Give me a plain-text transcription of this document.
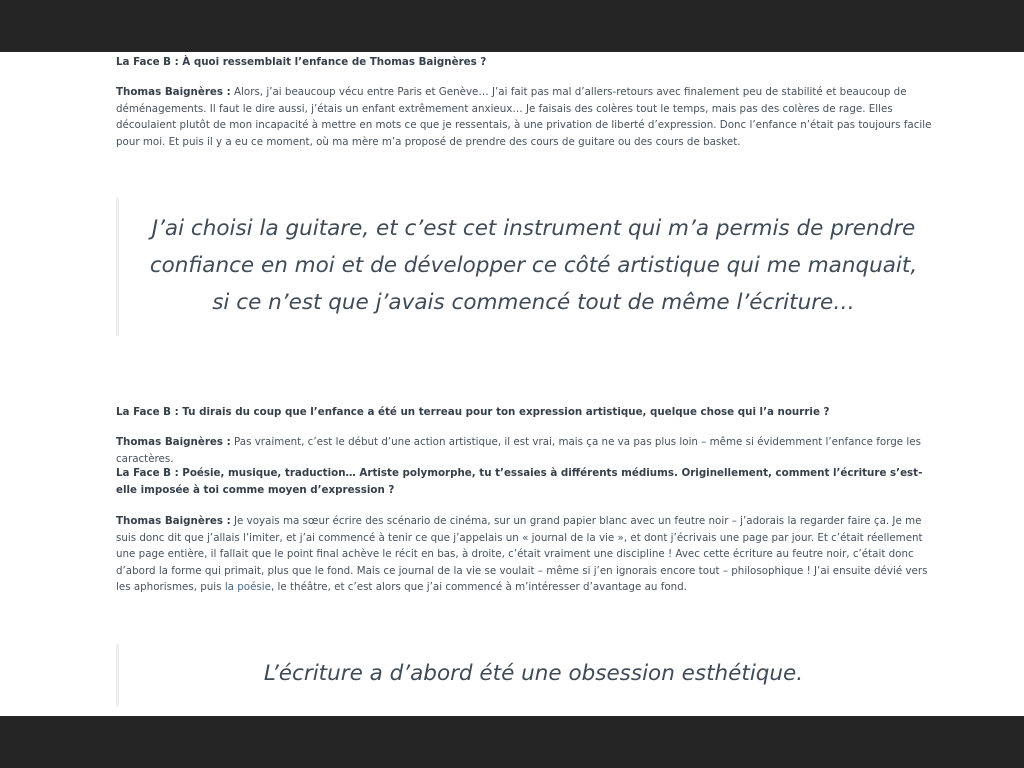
La Face B : À quoi ressemblait l’enfance de Thomas Baignères ?

Thomas Baignères : Alors, j’ai beaucoup vécu entre Paris et Genève… J’ai fait pas mal d’allers-retours avec finalement peu de stabilité et beaucoup de déménagements. Il faut le dire aussi, j’étais un enfant extrêmement anxieux… Je faisais des colères tout le temps, mais pas des colères de rage. Elles découlaient plutôt de mon incapacité à mettre en mots ce que je ressentais, à une privation de liberté d’expression. Donc l’enfance n’était pas toujours facile pour moi. Et puis il y a eu ce moment, où ma mère m’a proposé de prendre des cours de guitare ou des cours de basket.

J’ai choisi la guitare, et c’est cet instrument qui m’a permis de prendre confiance en moi et de développer ce côté artistique qui me manquait, si ce n’est que j’avais commencé tout de même l’écriture…

La Face B : Tu dirais du coup que l’enfance a été un terreau pour ton expression artistique, quelque chose qui l’a nourrie ?

Thomas Baignères : Pas vraiment, c’est le début d’une action artistique, il est vrai, mais ça ne va pas plus loin – même si évidemment l’enfance forge les caractères.

La Face B : Poésie, musique, traduction… Artiste polymorphe, tu t’essaies à différents médiums. Originellement, comment l’écriture s’est-elle imposée à toi comme moyen d’expression ?

Thomas Baignères : Je voyais ma sœur écrire des scénario de cinéma, sur un grand papier blanc avec un feutre noir – j’adorais la regarder faire ça. Je me suis donc dit que j’allais l’imiter, et j’ai commencé à tenir ce que j’appelais un « journal de la vie », et dont j’écrivais une page par jour. Et c’était réellement une page entière, il fallait que le point final achève le récit en bas, à droite, c’était vraiment une discipline ! Avec cette écriture au feutre noir, c’était donc d’abord la forme qui primait, plus que le fond. Mais ce journal de la vie se voulait – même si j’en ignorais encore tout – philosophique ! J’ai ensuite dévié vers les aphorismes, puis la poésie, le théâtre, et c’est alors que j’ai commencé à m’intéresser d’avantage au fond.

L’écriture a d’abord été une obsession esthétique.
